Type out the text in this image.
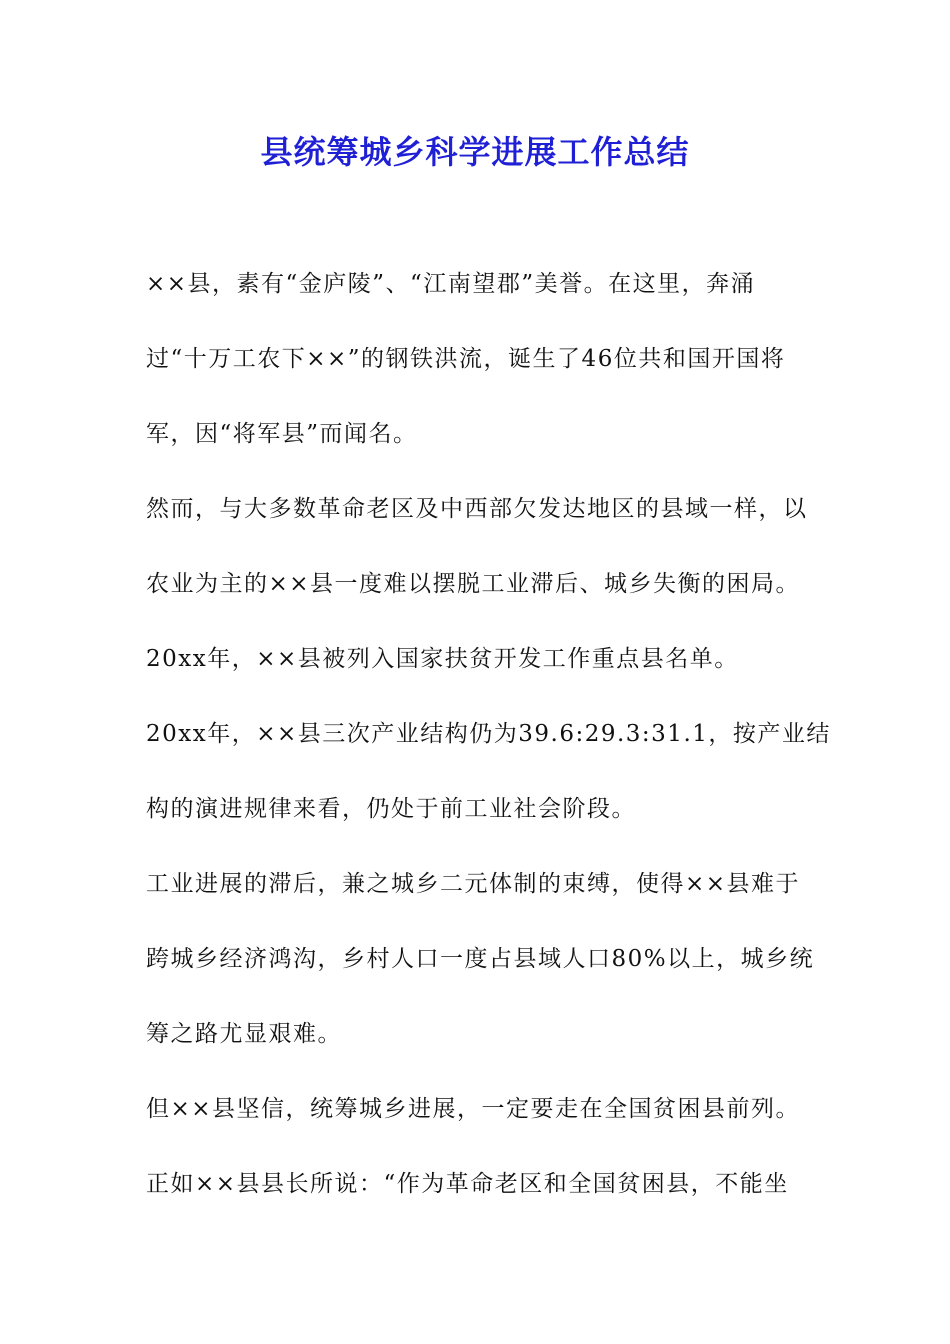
县统筹城乡科学进展工作总结
××县，素有“金庐陵”、“江南望郡”美誉。在这里，奔涌
过“十万工农下××”的钢铁洪流，诞生了46位共和国开国将
军，因“将军县”而闻名。
然而，与大多数革命老区及中西部欠发达地区的县域一样，以
农业为主的××县一度难以摆脱工业滞后、城乡失衡的困局。
20xx年，××县被列入国家扶贫开发工作重点县名单。
20xx年，××县三次产业结构仍为39.6:29.3:31.1，按产业结
构的演进规律来看，仍处于前工业社会阶段。
工业进展的滞后，兼之城乡二元体制的束缚，使得××县难于
跨城乡经济鸿沟，乡村人口一度占县域人口80%以上，城乡统
筹之路尤显艰难。
但××县坚信，统筹城乡进展，一定要走在全国贫困县前列。
正如××县县长所说：“作为革命老区和全国贫困县，不能坐
